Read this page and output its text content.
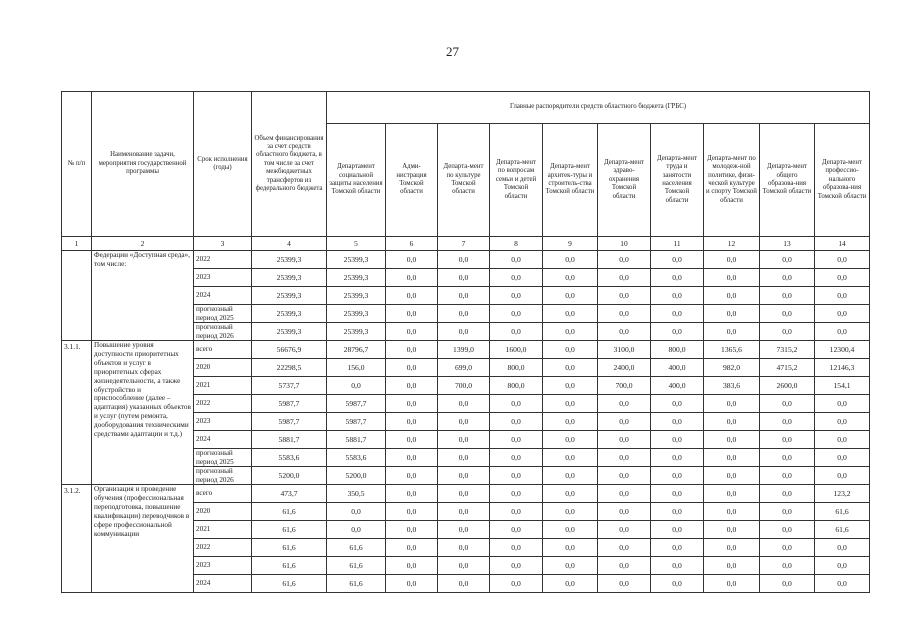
27
№ п/п	Наименование задачи, мероприятия государственной программы	Срок исполнения (годы)	Объем финансирования за счет средств областного бюджета, в том числе за счет межбюджетных трансфертов из федерального бюджета	Главные распорядители средств областного бюджета (ГРБС)									
				Департамент социальной защиты населения Томской области	Адми-нистрация Томской области	Департа-мент по культуре Томской области	Департа-мент по вопросам семьи и детей Томской области	Департа-мент архитек-туры и строитель-ства Томской области	Департа-мент здраво-охранения Томской области	Департа-мент труда и занятости населения Томской области	Департа-мент по молодеж-ной политике, физи-ческой культуре и спорту Томской области	Департа-мент общего образова-ния Томской области	Департа-мент профессио-нального образова-ния Томской области
1	2	3	4	5	6	7	8	9	10	11	12	13	14
	Федерации «Доступная среда», том числе:	2022	25399,3	25399,3	0,0	0,0	0,0	0,0	0,0	0,0	0,0	0,0	0,0
		2023	25399,3	25399,3	0,0	0,0	0,0	0,0	0,0	0,0	0,0	0,0	0,0
		2024	25399,3	25399,3	0,0	0,0	0,0	0,0	0,0	0,0	0,0	0,0	0,0
		прогнозный период 2025	25399,3	25399,3	0,0	0,0	0,0	0,0	0,0	0,0	0,0	0,0	0,0
		прогнозный период 2026	25399,3	25399,3	0,0	0,0	0,0	0,0	0,0	0,0	0,0	0,0	0,0
3.1.1.	Повышение уровня доступности приоритетных объектов и услуг в приоритетных сферах жизнедеятельности, а также обустройство и приспособление (далее – адаптация) указанных объектов и услуг (путем ремонта, дооборудования техническими средствами адаптации и т.д.)	всего	56676,9	28796,7	0,0	1399,0	1600,0	0,0	3100,0	800,0	1365,6	7315,2	12300,4
		2020	22298,5	156,0	0,0	699,0	800,0	0,0	2400,0	400,0	982,0	4715,2	12146,3
		2021	5737,7	0,0	0,0	700,0	800,0	0,0	700,0	400,0	383,6	2600,0	154,1
		2022	5987,7	5987,7	0,0	0,0	0,0	0,0	0,0	0,0	0,0	0,0	0,0
		2023	5987,7	5987,7	0,0	0,0	0,0	0,0	0,0	0,0	0,0	0,0	0,0
		2024	5881,7	5881,7	0,0	0,0	0,0	0,0	0,0	0,0	0,0	0,0	0,0
		прогнозный период 2025	5583,6	5583,6	0,0	0,0	0,0	0,0	0,0	0,0	0,0	0,0	0,0
		прогнозный период 2026	5200,0	5200,0	0,0	0,0	0,0	0,0	0,0	0,0	0,0	0,0	0,0
3.1.2.	Организация и проведение обучения (профессиональная переподготовка, повышение квалификации) переводчиков в сфере профессиональной коммуникации	всего	473,7	350,5	0,0	0,0	0,0	0,0	0,0	0,0	0,0	0,0	123,2
		2020	61,6	0,0	0,0	0,0	0,0	0,0	0,0	0,0	0,0	0,0	61,6
		2021	61,6	0,0	0,0	0,0	0,0	0,0	0,0	0,0	0,0	0,0	61,6
		2022	61,6	61,6	0,0	0,0	0,0	0,0	0,0	0,0	0,0	0,0	0,0
		2023	61,6	61,6	0,0	0,0	0,0	0,0	0,0	0,0	0,0	0,0	0,0
		2024	61,6	61,6	0,0	0,0	0,0	0,0	0,0	0,0	0,0	0,0	0,0
